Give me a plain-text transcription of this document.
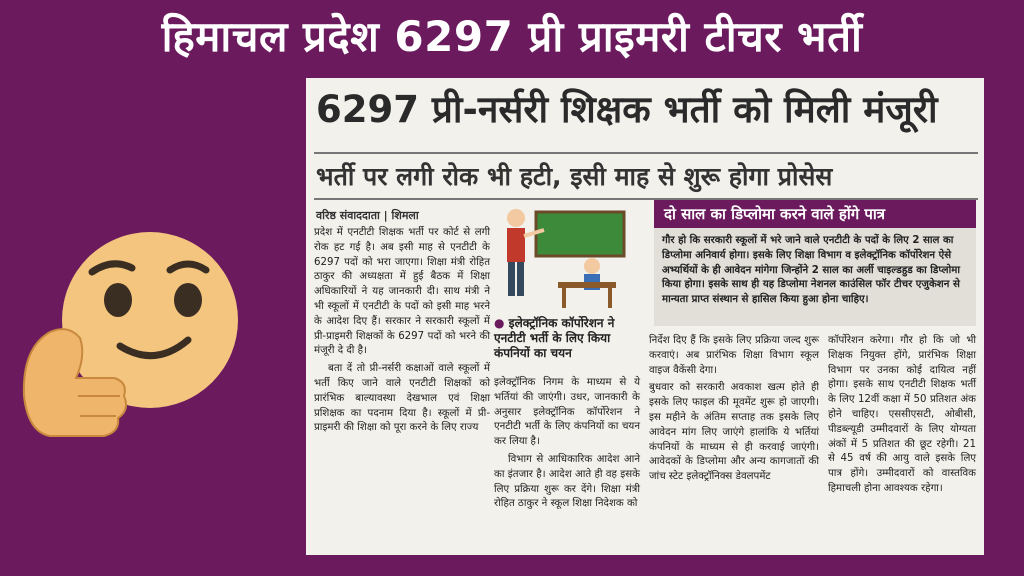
हिमाचल प्रदेश 6297 प्री प्राइमरी टीचर भर्ती
6297 प्री-नर्सरी शिक्षक भर्ती को मिली मंजूरी
भर्ती पर लगी रोक भी हटी, इसी माह से शुरू होगा प्रोसेस
वरिष्ठ संवाददाता | शिमला

प्रदेश में एनटीटी शिक्षक भर्ती पर कोर्ट से लगी रोक हट गई है। अब इसी माह से एनटीटी के 6297 पदों को भरा जाएगा। शिक्षा मंत्री रोहित ठाकुर की अध्यक्षता में हुई बैठक में शिक्षा अधिकारियों ने यह जानकारी दी। साथ मंत्री ने भी स्कूलों में एनटीटी के पदों को इसी माह भरने के आदेश दिए हैं। सरकार ने सरकारी स्कूलों में प्री-प्राइमरी शिक्षकों के 6297 पदों को भरने की मंजूरी दे दी है।

बता दें तो प्री-नर्सरी कक्षाओं वाले स्कूलों में भर्ती किए जाने वाले एनटीटी शिक्षकों को प्रारंभिक बाल्यावस्था देखभाल एवं शिक्षा प्रशिक्षक का पदनाम दिया है। स्कूलों में प्री-प्राइमरी की शिक्षा को पूरा करने के लिए राज्य

● इलेक्ट्रॉनिक कॉर्पोरेशन ने एनटीटी भर्ती के लिए किया कंपनियों का चयन

इलेक्ट्रॉनिक निगम के माध्यम से ये भर्तियां की जाएंगी। उधर, जानकारी के अनुसार इलेक्ट्रॉनिक कॉर्पोरेशन ने एनटीटी भर्ती के लिए कंपनियों का चयन कर लिया है।

विभाग से आधिकारिक आदेश आने का इंतजार है। आदेश आते ही वह इसके लिए प्रक्रिया शुरू कर देंगे। शिक्षा मंत्री रोहित ठाकुर ने स्कूल शिक्षा निदेशक को

दो साल का डिप्लोमा करने वाले होंगे पात्र
गौर हो कि सरकारी स्कूलों में भरे जाने वाले एनटीटी के पदों के लिए 2 साल का डिप्लोमा अनिवार्य होगा। इसके लिए शिक्षा विभाग व इलेक्ट्रॉनिक कॉर्पोरेशन ऐसे अभ्यर्थियों के ही आवेदन मांगेगा जिन्होंने 2 साल का अर्ली चाइल्डहुड का डिप्लोमा किया होगा। इसके साथ ही यह डिप्लोमा नेशनल काउंसिल फॉर टीचर एजुकेशन से मान्यता प्राप्त संस्थान से हासिल किया हुआ होना चाहिए।

निर्देश दिए हैं कि इसके लिए प्रक्रिया जल्द शुरू करवाएं। अब प्रारंभिक शिक्षा विभाग स्कूल वाइज वैकेंसी देगा।

बुधवार को सरकारी अवकाश खत्म होते ही इसके लिए फाइल की मूवमेंट शुरू हो जाएगी। इस महीने के अंतिम सप्ताह तक इसके लिए आवेदन मांग लिए जाएंगे हालांकि ये भर्तियां कंपनियों के माध्यम से ही करवाई जाएंगी। आवेदकों के डिप्लोमा और अन्य कागजातों की जांच स्टेट इलेक्ट्रॉनिक्स डेवलपमेंट

कॉर्पोरेशन करेगा। गौर हो कि जो भी शिक्षक नियुक्त होंगे, प्रारंभिक शिक्षा विभाग पर उनका कोई दायित्व नहीं होगा। इसके साथ एनटीटी शिक्षक भर्ती के लिए 12वीं कक्षा में 50 प्रतिशत अंक होने चाहिए। एससीएसटी, ओबीसी, पीडब्ल्यूडी उम्मीदवारों के लिए योग्यता अंकों में 5 प्रतिशत की छूट रहेगी। 21 से 45 वर्ष की आयु वाले इसके लिए पात्र होंगे। उम्मीदवारों को वास्तविक हिमाचली होना आवश्यक रहेगा।
